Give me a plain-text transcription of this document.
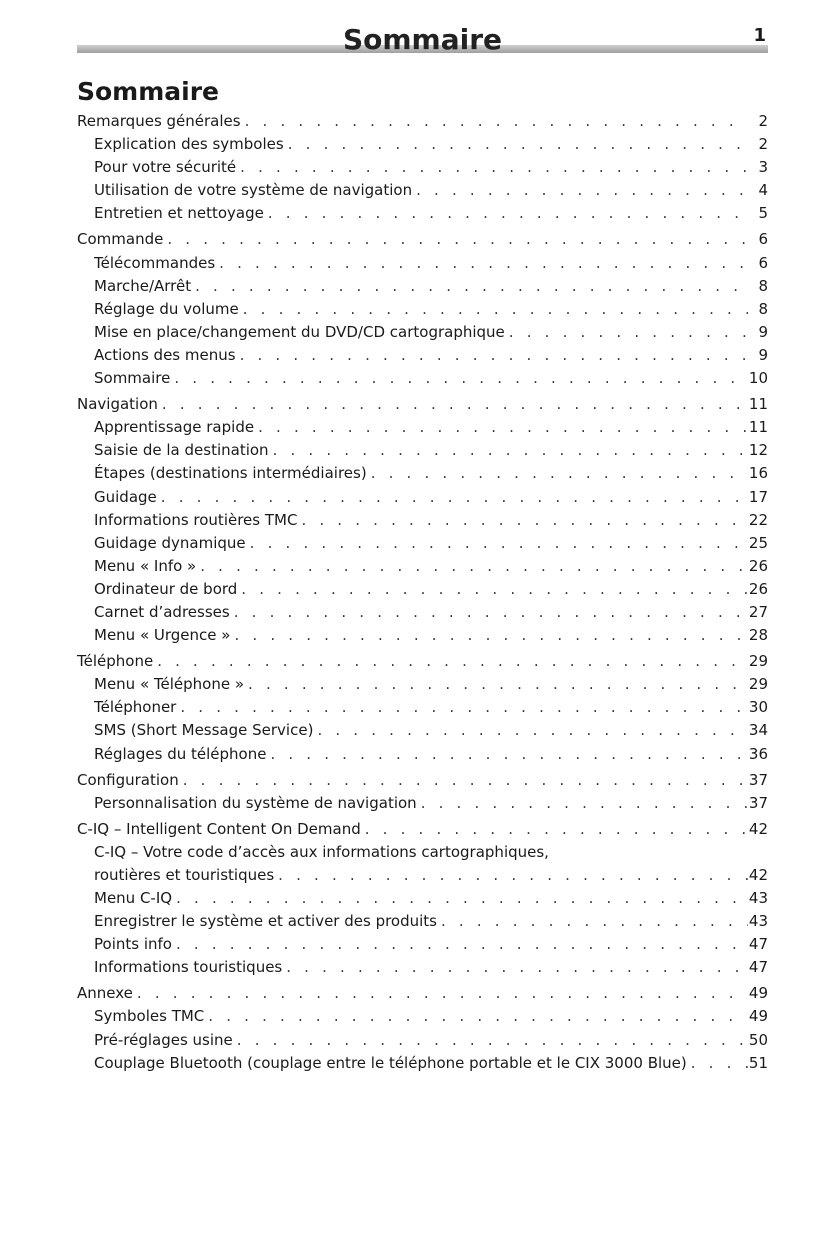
Sommaire	1
Sommaire
Remarques générales . . .	2
Explication des symboles . . .	2
Pour votre sécurité . . .	3
Utilisation de votre système de navigation . . .	4
Entretien et nettoyage . . .	5
Commande . . .	6
Télécommandes . . .	6
Marche/Arrêt . . .	8
Réglage du volume . . .	8
Mise en place/changement du DVD/CD cartographique . . .	9
Actions des menus . . .	9
Sommaire . . .	10
Navigation . . .	11
Apprentissage rapide . . .	11
Saisie de la destination . . .	12
Étapes (destinations intermédiaires) . . .	16
Guidage . . .	17
Informations routières TMC . . .	22
Guidage dynamique . . .	25
Menu « Info » . . .	26
Ordinateur de bord . . .	26
Carnet d’adresses . . .	27
Menu « Urgence » . . .	28
Téléphone . . .	29
Menu « Téléphone » . . .	29
Téléphoner . . .	30
SMS (Short Message Service) . . .	34
Réglages du téléphone . . .	36
Configuration . . .	37
Personnalisation du système de navigation . . .	37
C-IQ – Intelligent Content On Demand . . .	42
C-IQ – Votre code d’accès aux informations cartographiques,
routières et touristiques . . .	42
Menu C-IQ . . .	43
Enregistrer le système et activer des produits . . .	43
Points info . . .	47
Informations touristiques . . .	47
Annexe . . .	49
Symboles TMC . . .	49
Pré-réglages usine . . .	50
Couplage Bluetooth (couplage entre le téléphone portable et le CIX 3000 Blue) . . .	51
